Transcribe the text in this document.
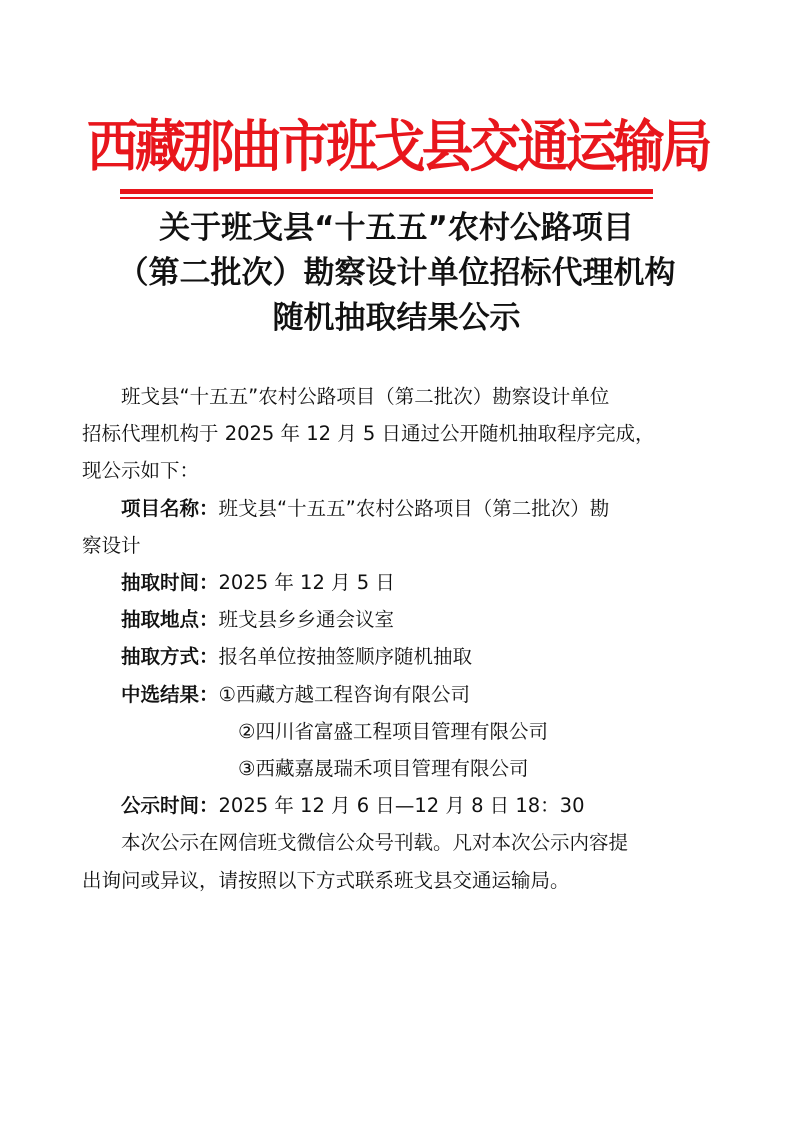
西藏那曲市班戈县交通运输局
关于班戈县“十五五”农村公路项目
（第二批次）勘察设计单位招标代理机构
随机抽取结果公示
班戈县“十五五”农村公路项目（第二批次）勘察设计单位
招标代理机构于 2025 年 12 月 5 日通过公开随机抽取程序完成，
现公示如下：
项目名称：班戈县“十五五”农村公路项目（第二批次）勘
察设计
抽取时间：2025 年 12 月 5 日
抽取地点：班戈县乡乡通会议室
抽取方式：报名单位按抽签顺序随机抽取
中选结果：①西藏方越工程咨询有限公司
②四川省富盛工程项目管理有限公司
③西藏嘉晟瑞禾项目管理有限公司
公示时间：2025 年 12 月 6 日—12 月 8 日 18：30
本次公示在网信班戈微信公众号刊载。凡对本次公示内容提
出询问或异议，请按照以下方式联系班戈县交通运输局。
